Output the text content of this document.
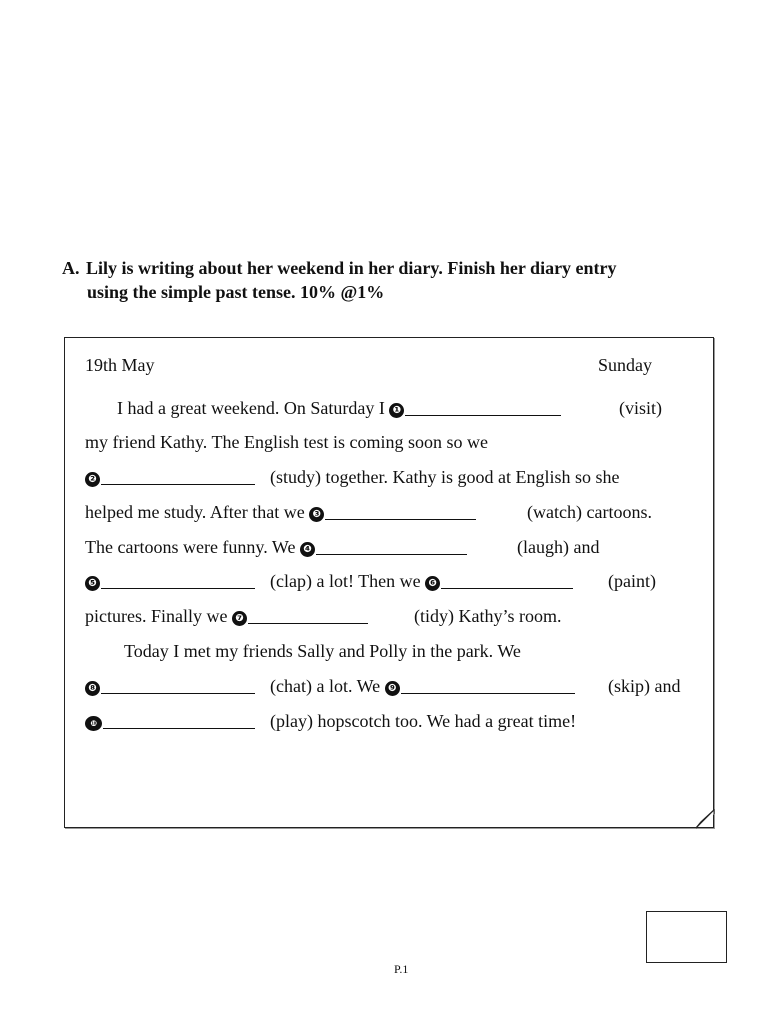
A. Lily is writing about her weekend in her diary. Finish her diary entry
using the simple past tense. 10% @1%
19th May	Sunday
I had a great weekend. On Saturday I ❶	(visit)
my friend Kathy. The English test is coming soon so we
❷	(study) together. Kathy is good at English so she
helped me study. After that we ❸	(watch) cartoons.
The cartoons were funny. We ❹	(laugh) and
❺	(clap) a lot! Then we ❻	(paint)
pictures. Finally we ❼	(tidy) Kathy’s room.
Today I met my friends Sally and Polly in the park. We
❽	(chat) a lot. We ❾	(skip) and
❿	(play) hopscotch too. We had a great time!
P.1
